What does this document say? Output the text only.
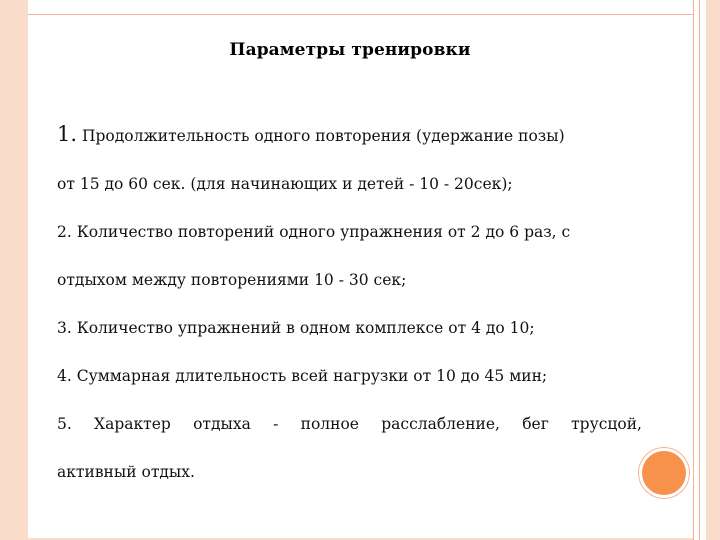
Параметры тренировки
1. Продолжительность одного повторения (удержание позы)
от 15 до 60 сек. (для начинающих и детей - 10 - 20сек);
2. Количество повторений одного упражнения от 2 до 6 раз, с
отдыхом между повторениями 10 - 30 сек;
3. Количество упражнений в одном комплексе от 4 до 10;
4. Суммарная длительность всей нагрузки от 10 до 45 мин;
5. Характер отдыха - полное расслабление, бег трусцой,
активный отдых.
